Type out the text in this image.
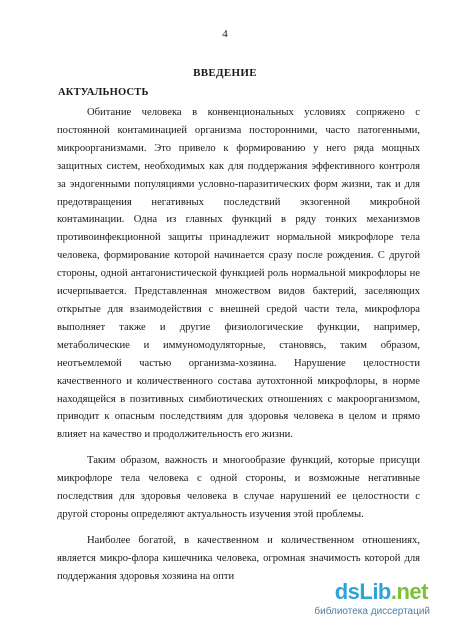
4
ВВЕДЕНИЕ
АКТУАЛЬНОСТЬ

Обитание человека в конвенциональных условиях сопряжено с постоянной контаминацией организма посторонними, часто патогенными, микроорганизмами. Это привело к формированию у него ряда мощных защитных систем, необходимых как для поддержания эффективного контроля за эндогенными популяциями условно-паразитических форм жизни, так и для предотвращения негативных последствий экзогенной микробной контаминации. Одна из главных функций в ряду тонких механизмов противоинфекционной защиты принадлежит нормальной микрофлоре тела человека, формирование которой начинается сразу после рождения. С другой стороны, одной антагонистической функцией роль нормальной микрофлоры не исчерпывается. Представленная множеством видов бактерий, заселяющих открытые для взаимодействия с внешней средой части тела, микрофлора выполняет также и другие физиологические функции, например, метаболические и иммуномодуляторные, становясь, таким образом, неотъемлемой частью организма-хозяина. Нарушение целостности качественного и количественного состава аутохтонной микрофлоры, в норме находящейся в позитивных симбиотических отношениях с макроорганизмом, приводит к опасным последствиям для здоровья человека в целом и прямо влияет на качество и продолжительность его жизни.

Таким образом, важность и многообразие функций, которые присущи микрофлоре тела человека с одной стороны, и возможные негативные последствия для здоровья человека в случае нарушений ее целостности с другой стороны определяют актуальность изучения этой проблемы.

Наиболее богатой, в качественном и количественном отношениях, является микро-флора кишечника человека, огромная значимость которой для поддержания здоровья хозяина на опти

dsLib.net
библиотека диссертаций
